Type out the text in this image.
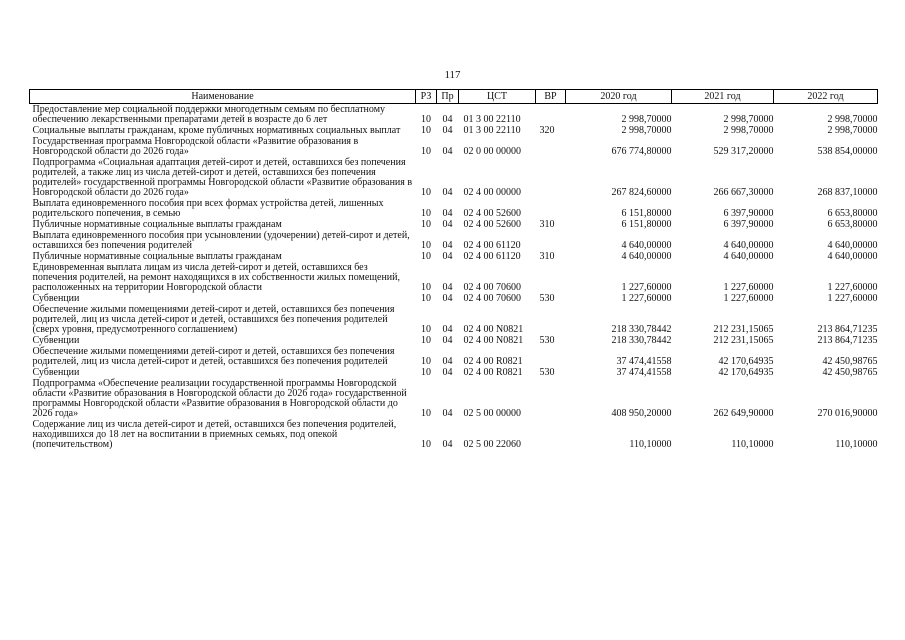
117
Наименование	РЗ	Пр	ЦСТ	ВР	2020 год	2021 год	2022 год

Предоставление мер социальной поддержки многодетным семьям по бесплатному обеспечению лекарственными препаратами детей в возрасте до 6 лет	10	04	01 3 00 22110		2 998,70000	2 998,70000	2 998,70000

Социальные выплаты гражданам, кроме публичных нормативных социальных выплат	10	04	01 3 00 22110	320	2 998,70000	2 998,70000	2 998,70000

Государственная программа Новгородской области «Развитие образования в Новгородской области до 2026 года»	10	04	02 0 00 00000		676 774,80000	529 317,20000	538 854,00000

Подпрограмма «Социальная адаптация детей-сирот и детей, оставшихся без попечения родителей, а также лиц из числа детей-сирот и детей, оставшихся без попечения родителей» государственной программы Новгородской области «Развитие образования в Новгородской области до 2026 года»	10	04	02 4 00 00000		267 824,60000	266 667,30000	268 837,10000

Выплата единовременного пособия при всех формах устройства детей, лишенных родительского попечения, в семью	10	04	02 4 00 52600		6 151,80000	6 397,90000	6 653,80000

Публичные нормативные социальные выплаты гражданам	10	04	02 4 00 52600	310	6 151,80000	6 397,90000	6 653,80000

Выплата единовременного пособия при усыновлении (удочерении) детей-сирот и детей, оставшихся без попечения родителей	10	04	02 4 00 61120		4 640,00000	4 640,00000	4 640,00000

Публичные нормативные социальные выплаты гражданам	10	04	02 4 00 61120	310	4 640,00000	4 640,00000	4 640,00000

Единовременная выплата лицам из числа детей-сирот и детей, оставшихся без попечения родителей, на ремонт находящихся в их собственности жилых помещений, расположенных на территории Новгородской области	10	04	02 4 00 70600		1 227,60000	1 227,60000	1 227,60000

Субвенции	10	04	02 4 00 70600	530	1 227,60000	1 227,60000	1 227,60000

Обеспечение жилыми помещениями детей-сирот и детей, оставшихся без попечения родителей, лиц из числа детей-сирот и детей, оставшихся без попечения родителей (сверх уровня, предусмотренного соглашением)	10	04	02 4 00 N0821		218 330,78442	212 231,15065	213 864,71235

Субвенции	10	04	02 4 00 N0821	530	218 330,78442	212 231,15065	213 864,71235

Обеспечение жилыми помещениями детей-сирот и детей, оставшихся без попечения родителей, лиц из числа детей-сирот и детей, оставшихся без попечения родителей	10	04	02 4 00 R0821		37 474,41558	42 170,64935	42 450,98765

Субвенции	10	04	02 4 00 R0821	530	37 474,41558	42 170,64935	42 450,98765

Подпрограмма «Обеспечение реализации государственной программы Новгородской области «Развитие образования в Новгородской области до 2026 года» государственной программы Новгородской области «Развитие образования в Новгородской области до 2026 года»	10	04	02 5 00 00000		408 950,20000	262 649,90000	270 016,90000

Содержание лиц из числа детей-сирот и детей, оставшихся без попечения родителей, находившихся до 18 лет на воспитании в приемных семьях, под опекой (попечительством)	10	04	02 5 00 22060		110,10000	110,10000	110,10000
